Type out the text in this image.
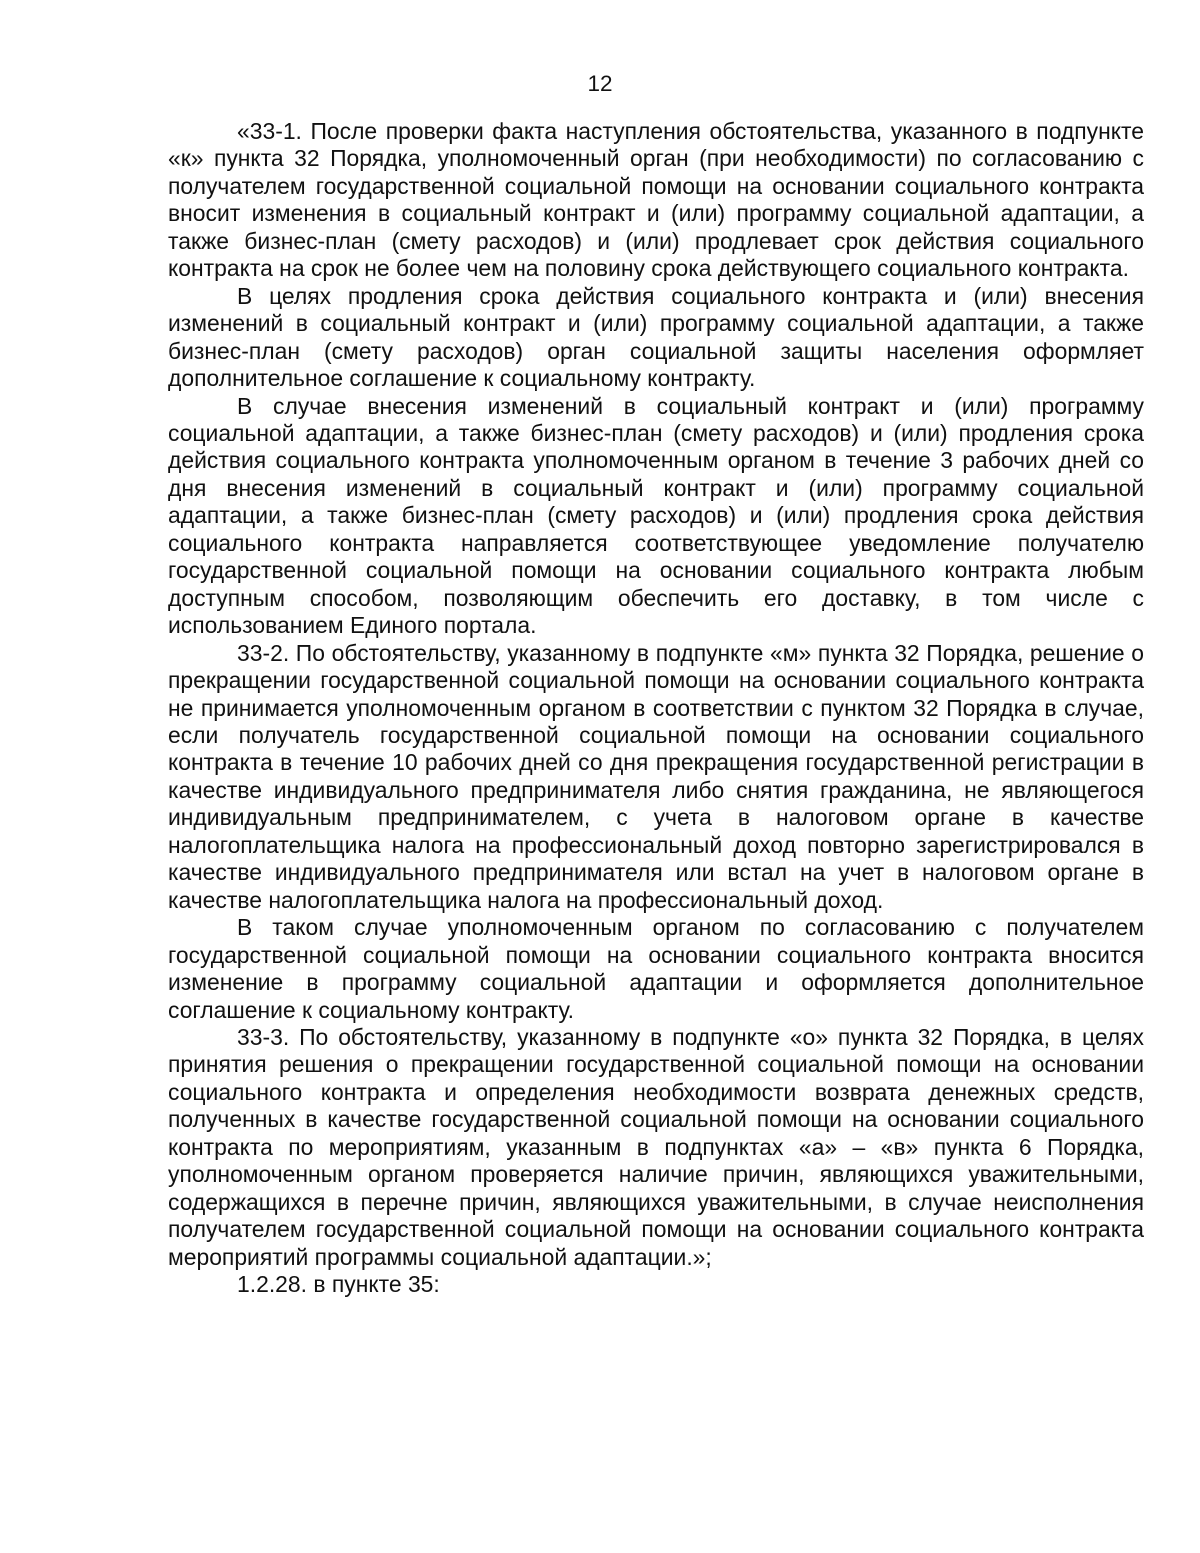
12

«33-1. После проверки факта наступления обстоятельства, указанного в подпункте «к» пункта 32 Порядка, уполномоченный орган (при необходимости) по согласованию с получателем государственной социальной помощи на основании социального контракта вносит изменения в социальный контракт и (или) программу социальной адаптации, а также бизнес-план (смету расходов) и (или) продлевает срок действия социального контракта на срок не более чем на половину срока действующего социального контракта.

В целях продления срока действия социального контракта и (или) внесения изменений в социальный контракт и (или) программу социальной адаптации, а также бизнес-план (смету расходов) орган социальной защиты населения оформляет дополнительное соглашение к социальному контракту.

В случае внесения изменений в социальный контракт и (или) программу социальной адаптации, а также бизнес-план (смету расходов) и (или) продления срока действия социального контракта уполномоченным органом в течение 3 рабочих дней со дня внесения изменений в социальный контракт и (или) программу социальной адаптации, а также бизнес-план (смету расходов) и (или) продления срока действия социального контракта направляется соответствующее уведомление получателю государственной социальной помощи на основании социального контракта любым доступным способом, позволяющим обеспечить его доставку, в том числе с использованием Единого портала.

33-2. По обстоятельству, указанному в подпункте «м» пункта 32 Порядка, решение о прекращении государственной социальной помощи на основании социального контракта не принимается уполномоченным органом в соответствии с пунктом 32 Порядка в случае, если получатель государственной социальной помощи на основании социального контракта в течение 10 рабочих дней со дня прекращения государственной регистрации в качестве индивидуального предпринимателя либо снятия гражданина, не являющегося индивидуальным предпринимателем, с учета в налоговом органе в качестве налогоплательщика налога на профессиональный доход повторно зарегистрировался в качестве индивидуального предпринимателя или встал на учет в налоговом органе в качестве налогоплательщика налога на профессиональный доход.

В таком случае уполномоченным органом по согласованию с получателем государственной социальной помощи на основании социального контракта вносится изменение в программу социальной адаптации и оформляется дополнительное соглашение к социальному контракту.

33-3. По обстоятельству, указанному в подпункте «о» пункта 32 Порядка, в целях принятия решения о прекращении государственной социальной помощи на основании социального контракта и определения необходимости возврата денежных средств, полученных в качестве государственной социальной помощи на основании социального контракта по мероприятиям, указанным в подпунктах «а» – «в» пункта 6 Порядка, уполномоченным органом проверяется наличие причин, являющихся уважительными, содержащихся в перечне причин, являющихся уважительными, в случае неисполнения получателем государственной социальной помощи на основании социального контракта мероприятий программы социальной адаптации.»;

1.2.28. в пункте 35:
